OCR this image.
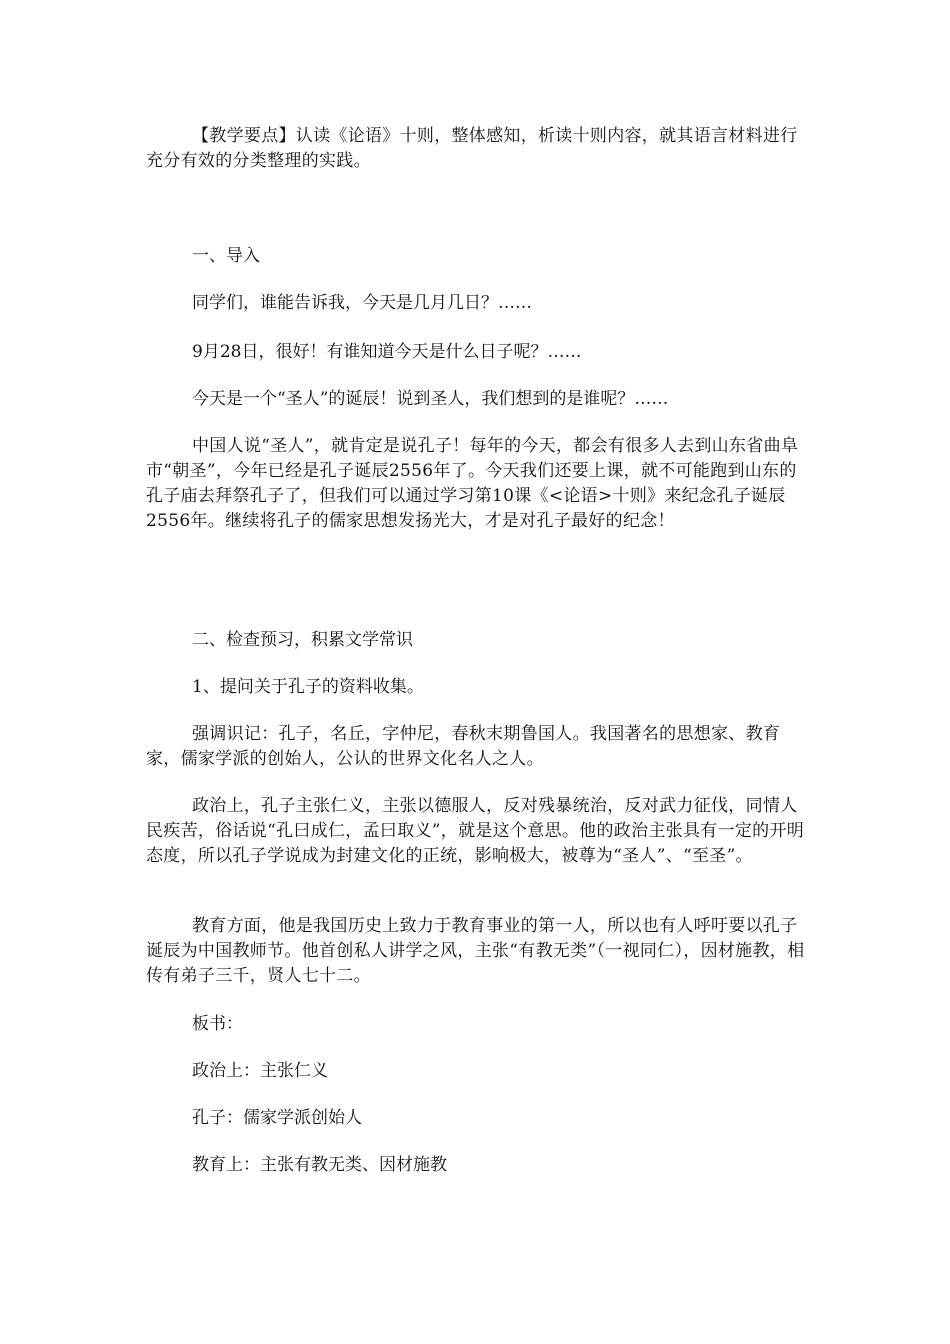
【教学要点】认读《论语》十则，整体感知，析读十则内容，就其语言材料进行充分有效的分类整理的实践。

一、导入

同学们，谁能告诉我，今天是几月几日？……

9月28日，很好！有谁知道今天是什么日子呢？……

今天是一个“圣人”的诞辰！说到圣人，我们想到的是谁呢？……

中国人说“圣人”，就肯定是说孔子！每年的今天，都会有很多人去到山东省曲阜市“朝圣”，今年已经是孔子诞辰2556年了。今天我们还要上课，就不可能跑到山东的孔子庙去拜祭孔子了，但我们可以通过学习第10课《<论语>十则》来纪念孔子诞辰2556年。继续将孔子的儒家思想发扬光大，才是对孔子最好的纪念！

二、检查预习，积累文学常识

1、提问关于孔子的资料收集。

强调识记：孔子，名丘，字仲尼，春秋末期鲁国人。我国著名的思想家、教育家，儒家学派的创始人，公认的世界文化名人之人。

政治上，孔子主张仁义，主张以德服人，反对残暴统治，反对武力征伐，同情人民疾苦，俗话说“孔曰成仁，孟曰取义”，就是这个意思。他的政治主张具有一定的开明态度，所以孔子学说成为封建文化的正统，影响极大，被尊为“圣人”、“至圣”。

教育方面，他是我国历史上致力于教育事业的第一人，所以也有人呼吁要以孔子诞辰为中国教师节。他首创私人讲学之风，主张“有教无类”（一视同仁），因材施教，相传有弟子三千，贤人七十二。

板书：

政治上：主张仁义

孔子：儒家学派创始人

教育上：主张有教无类、因材施教
